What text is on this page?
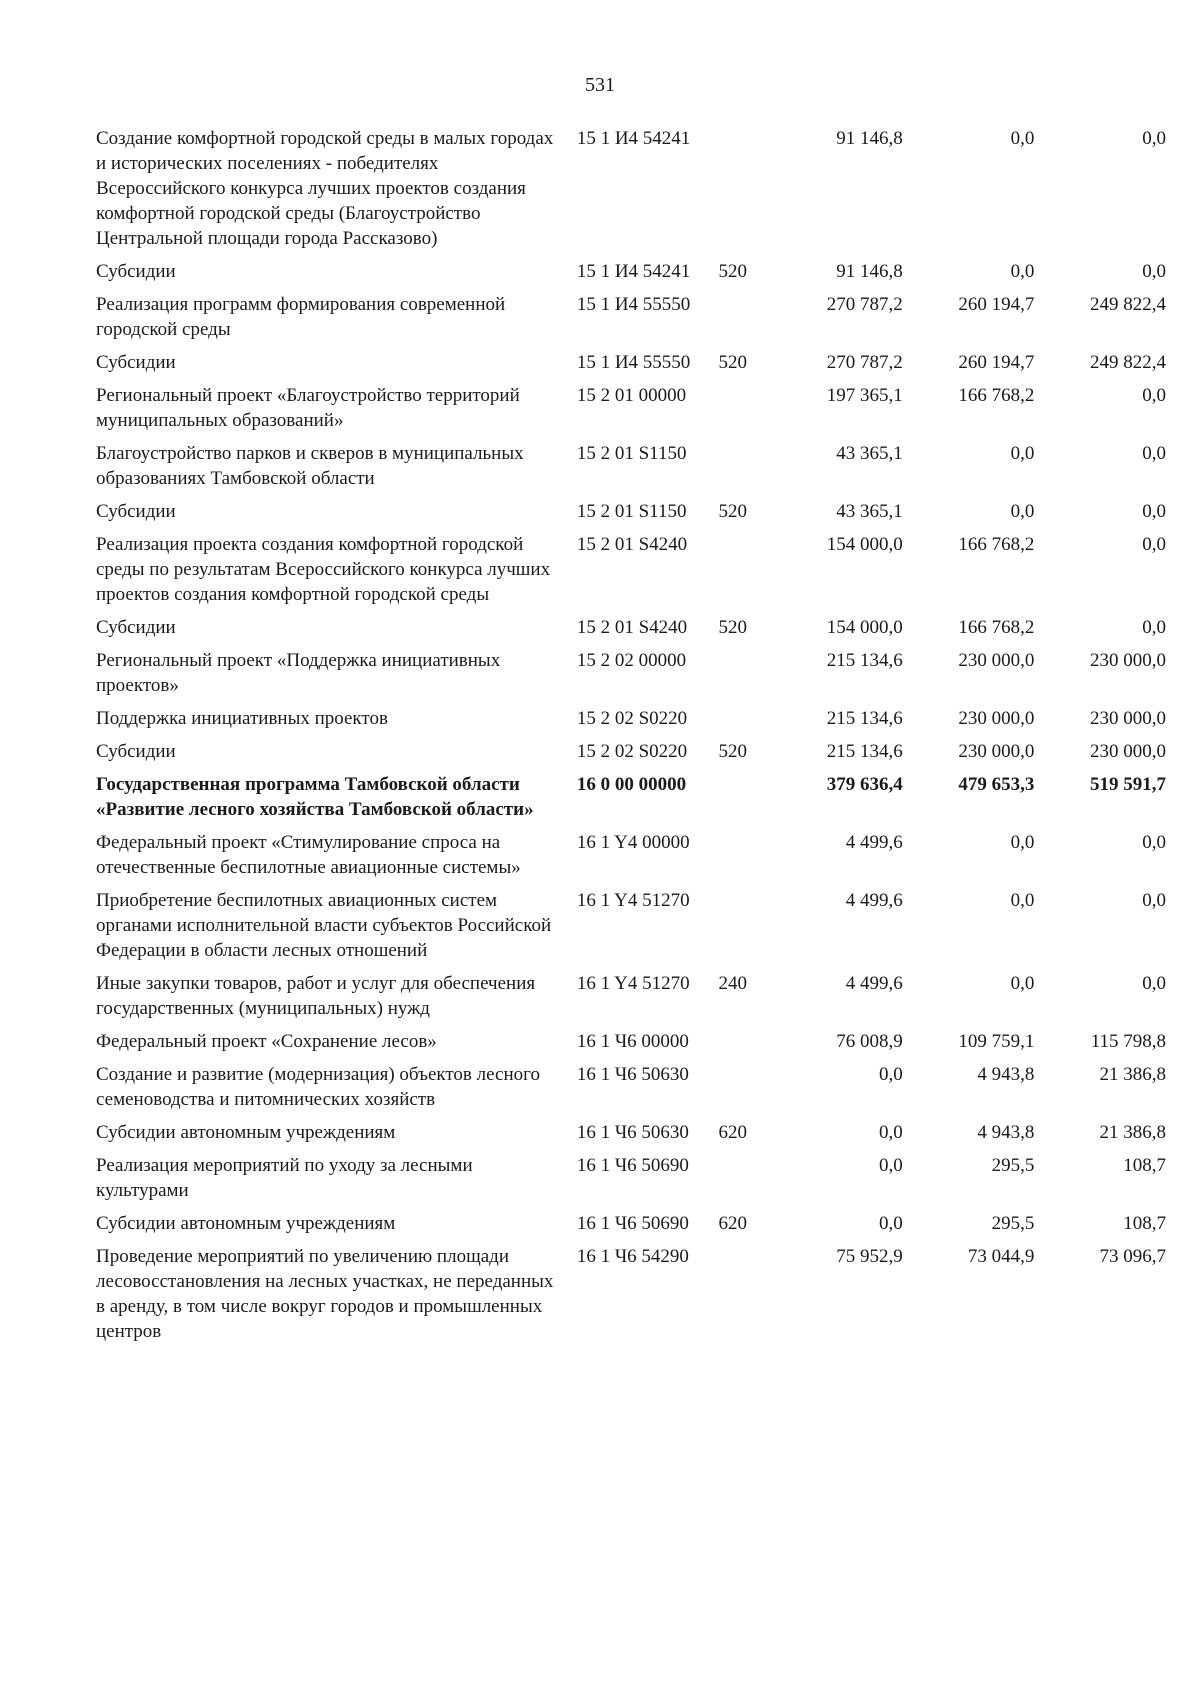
531
Создание комфортной городской среды в малых городах и исторических поселениях - победителях Всероссийского конкурса лучших проектов создания комфортной городской среды (Благоустройство Центральной площади города Рассказово)	15 1 И4 54241		91 146,8	0,0	0,0
Субсидии	15 1 И4 54241	520	91 146,8	0,0	0,0
Реализация программ формирования современной городской среды	15 1 И4 55550		270 787,2	260 194,7	249 822,4
Субсидии	15 1 И4 55550	520	270 787,2	260 194,7	249 822,4
Региональный проект «Благоустройство территорий муниципальных образований»	15 2 01 00000		197 365,1	166 768,2	0,0
Благоустройство парков и скверов в муниципальных образованиях Тамбовской области	15 2 01 S1150		43 365,1	0,0	0,0
Субсидии	15 2 01 S1150	520	43 365,1	0,0	0,0
Реализация проекта создания комфортной городской среды по результатам Всероссийского конкурса лучших проектов создания комфортной городской среды	15 2 01 S4240		154 000,0	166 768,2	0,0
Субсидии	15 2 01 S4240	520	154 000,0	166 768,2	0,0
Региональный проект «Поддержка инициативных проектов»	15 2 02 00000		215 134,6	230 000,0	230 000,0
Поддержка инициативных проектов	15 2 02 S0220		215 134,6	230 000,0	230 000,0
Субсидии	15 2 02 S0220	520	215 134,6	230 000,0	230 000,0
Государственная программа Тамбовской области «Развитие лесного хозяйства Тамбовской области»	16 0 00 00000		379 636,4	479 653,3	519 591,7
Федеральный проект «Стимулирование спроса на отечественные беспилотные авиационные системы»	16 1 Y4 00000		4 499,6	0,0	0,0
Приобретение беспилотных авиационных систем органами исполнительной власти субъектов Российской Федерации в области лесных отношений	16 1 Y4 51270		4 499,6	0,0	0,0
Иные закупки товаров, работ и услуг для обеспечения государственных (муниципальных) нужд	16 1 Y4 51270	240	4 499,6	0,0	0,0
Федеральный проект «Сохранение лесов»	16 1 Ч6 00000		76 008,9	109 759,1	115 798,8
Создание и развитие (модернизация) объектов лесного семеноводства и питомнических хозяйств	16 1 Ч6 50630		0,0	4 943,8	21 386,8
Субсидии автономным учреждениям	16 1 Ч6 50630	620	0,0	4 943,8	21 386,8
Реализация мероприятий по уходу за лесными культурами	16 1 Ч6 50690		0,0	295,5	108,7
Субсидии автономным учреждениям	16 1 Ч6 50690	620	0,0	295,5	108,7
Проведение мероприятий по увеличению площади лесовосстановления на лесных участках, не переданных в аренду, в том числе вокруг городов и промышленных центров	16 1 Ч6 54290		75 952,9	73 044,9	73 096,7
